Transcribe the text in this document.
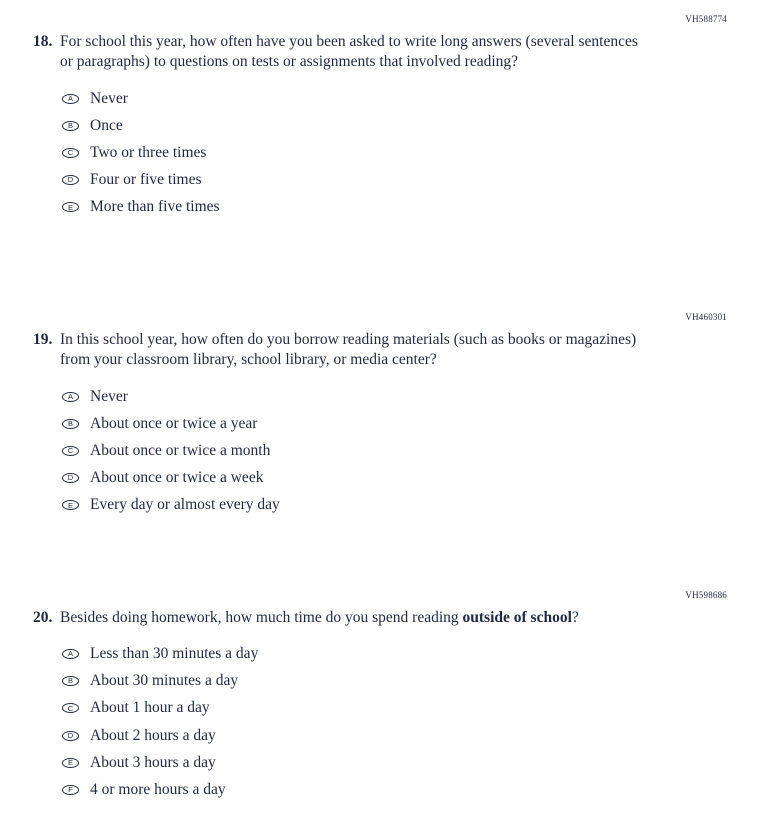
VH588774
18. For school this year, how often have you been asked to write long answers (several sentences or paragraphs) to questions on tests or assignments that involved reading?
A	Never
B	Once
C	Two or three times
D	Four or five times
E	More than five times
VH460301
19. In this school year, how often do you borrow reading materials (such as books or magazines) from your classroom library, school library, or media center?
A	Never
B	About once or twice a year
C	About once or twice a month
D	About once or twice a week
E	Every day or almost every day
VH598686
20. Besides doing homework, how much time do you spend reading outside of school?
A	Less than 30 minutes a day
B	About 30 minutes a day
C	About 1 hour a day
D	About 2 hours a day
E	About 3 hours a day
F	4 or more hours a day
